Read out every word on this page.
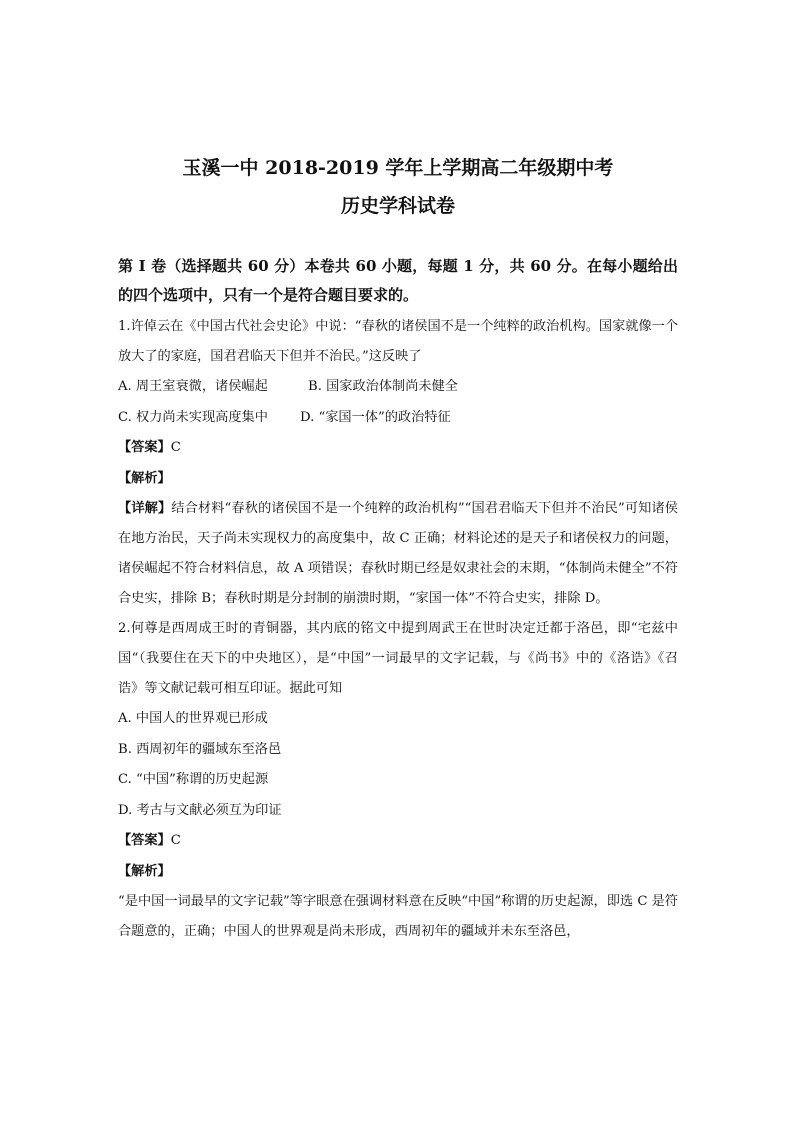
玉溪一中 2018-2019 学年上学期高二年级期中考
历史学科试卷
第 I 卷（选择题共 60 分）本卷共 60 小题，每题 1 分，共 60 分。在每小题给出的四个选项中，只有一个是符合题目要求的。

1.许倬云在《中国古代社会史论》中说：“春秋的诸侯国不是一个纯粹的政治机构。国家就像一个放大了的家庭，国君君临天下但并不治民。”这反映了

A. 周王室衰微，诸侯崛起	B. 国家政治体制尚未健全
C. 权力尚未实现高度集中 D. “家国一体”的政治特征
【答案】C
【解析】

【详解】结合材料“春秋的诸侯国不是一个纯粹的政治机构”“国君君临天下但并不治民”可知诸侯在地方治民，天子尚未实现权力的高度集中，故 C 正确；材料论述的是天子和诸侯权力的问题，诸侯崛起不符合材料信息，故 A 项错误；春秋时期已经是奴隶社会的末期，“体制尚未健全”不符合史实，排除 B；春秋时期是分封制的崩溃时期，“家国一体”不符合史实，排除 D。

2.何尊是西周成王时的青铜器，其内底的铭文中提到周武王在世时决定迁都于洛邑，即“宅兹中国“（我要住在天下的中央地区），是“中国”一词最早的文字记载，与《尚书》中的《洛诰》《召诰》等文献记载可相互印证。据此可知

A. 中国人的世界观已形成
B. 西周初年的疆域东至洛邑
C. “中国”称谓的历史起源
D. 考古与文献必须互为印证
【答案】C
【解析】

“是中国一词最早的文字记载”等字眼意在强调材料意在反映“中国”称谓的历史起源，即选 C 是符合题意的，正确；中国人的世界观是尚未形成，西周初年的疆域并未东至洛邑，
